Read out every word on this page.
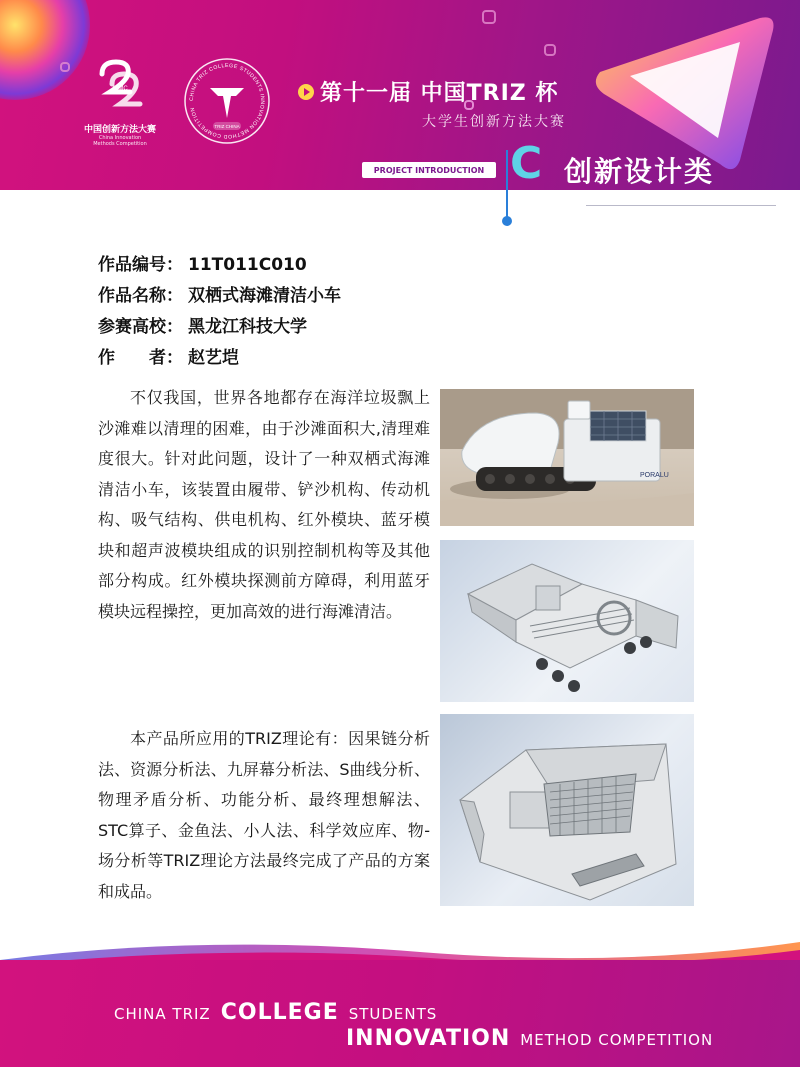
CIMC
中国创新方法大赛
China Innovation
Methods Competition
CHINA TRIZ COLLEGE STUDENTS INNOVATION METHOD COMPETITION
TRIZ CHINA
第十一届 中国TRIZ 杯
大学生创新方法大赛
PROJECT INTRODUCTION C 创新设计类
作品编号： 11T011C010
作品名称： 双栖式海滩清洁小车
参赛高校： 黑龙江科技大学
作　　者： 赵艺垲

不仅我国，世界各地都存在海洋垃圾飘上沙滩难以清理的困难，由于沙滩面积大,清理难度很大。针对此问题，设计了一种双栖式海滩清洁小车，该装置由履带、铲沙机构、传动机构、吸气结构、供电机构、红外模块、蓝牙模块和超声波模块组成的识别控制机构等及其他部分构成。红外模块探测前方障碍，利用蓝牙模块远程操控，更加高效的进行海滩清洁。

本产品所应用的TRIZ理论有：因果链分析法、资源分析法、九屏幕分析法、S曲线分析、物理矛盾分析、功能分析、最终理想解法、STC算子、金鱼法、小人法、科学效应库、物-场分析等TRIZ理论方法最终完成了产品的方案和成品。

PORALU
CHINA TRIZ COLLEGE STUDENTS
INNOVATION METHOD COMPETITION
